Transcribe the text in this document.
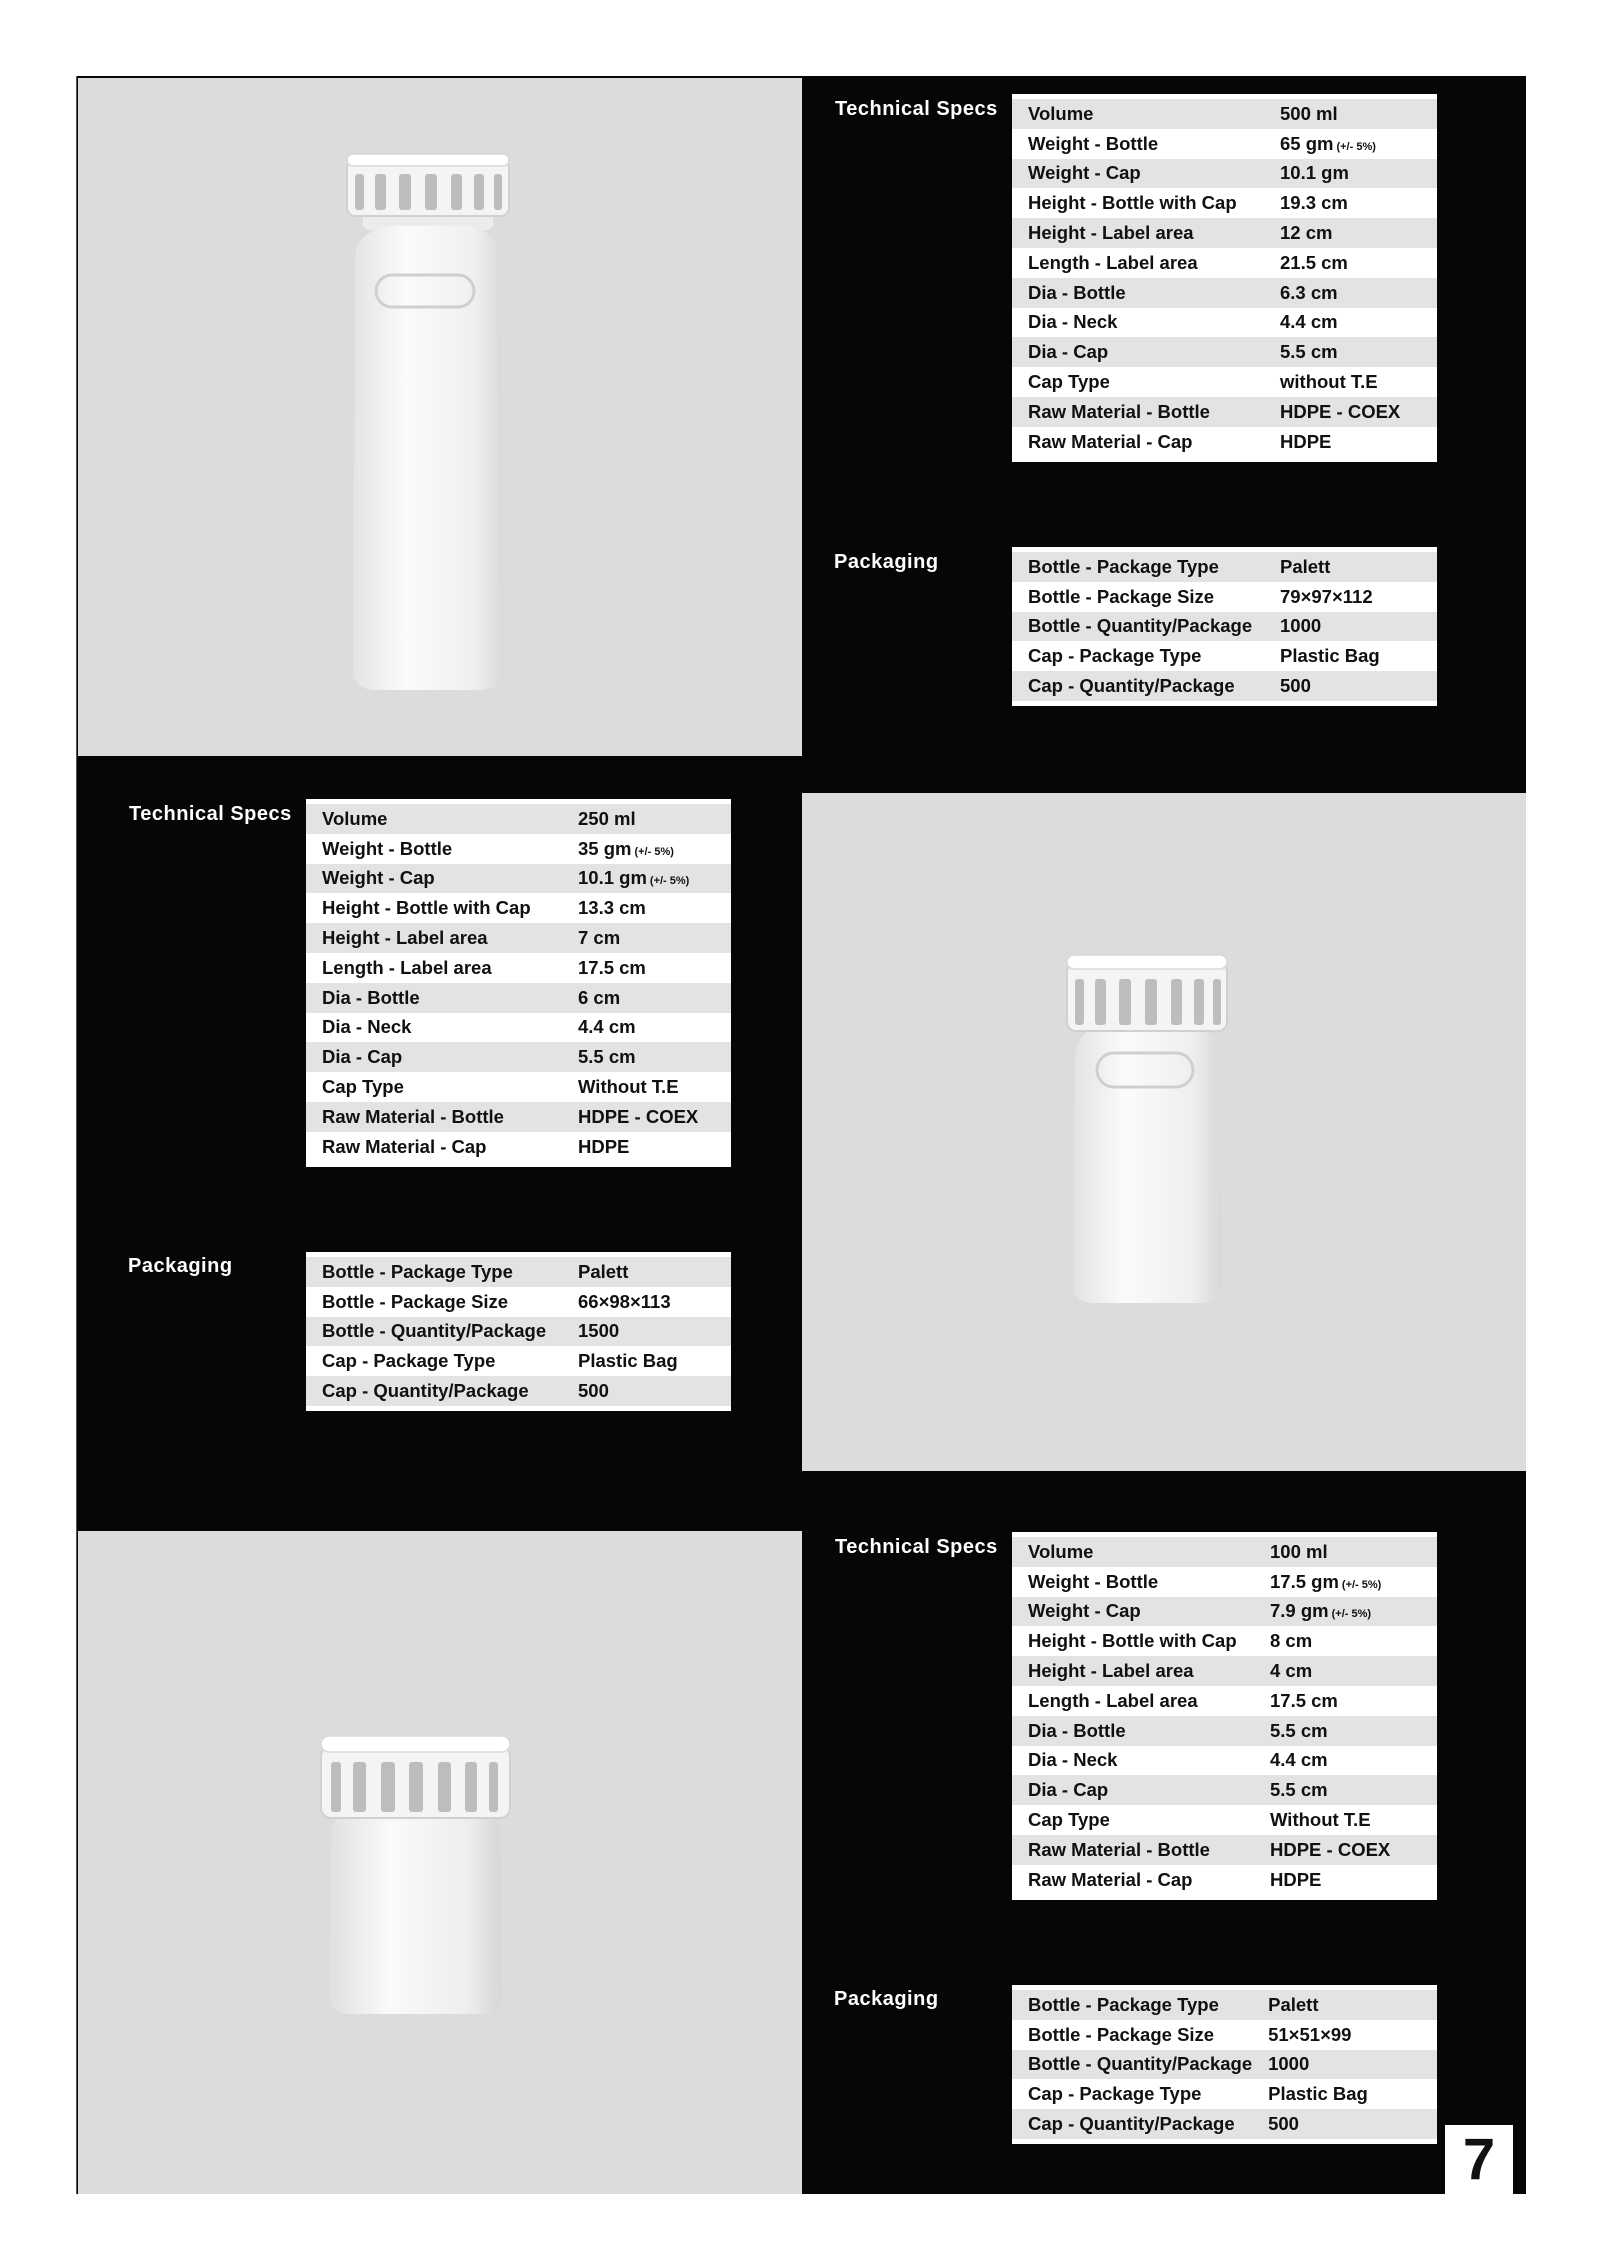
Technical Specs Volume	500 ml
Weight - Bottle	65 gm (+/- 5%)
Weight - Cap	10.1 gm
Height - Bottle with Cap	19.3 cm
Height - Label area	12 cm
Length - Label area	21.5 cm
Dia - Bottle	6.3 cm
Dia - Neck	4.4 cm
Dia - Cap	5.5 cm
Cap Type	without T.E
Raw Material - Bottle	HDPE - COEX
Raw Material - Cap	HDPE
Packaging	Bottle - Package Type	Palett
Bottle - Package Size	79×97×112
Bottle - Quantity/Package	1000
Cap - Package Type	Plastic Bag
Cap - Quantity/Package	500
Technical Specs Volume	250 ml
Weight - Bottle	35 gm (+/- 5%)
Weight - Cap	10.1 gm (+/- 5%)
Height - Bottle with Cap	13.3 cm
Height - Label area	7 cm
Length - Label area	17.5 cm
Dia - Bottle	6 cm
Dia - Neck	4.4 cm
Dia - Cap	5.5 cm
Cap Type	Without T.E
Raw Material - Bottle	HDPE - COEX
Raw Material - Cap	HDPE
Packaging	Bottle - Package Type	Palett
Bottle - Package Size	66×98×113
Bottle - Quantity/Package	1500
Cap - Package Type	Plastic Bag
Cap - Quantity/Package	500
Technical Specs Volume	100 ml
Weight - Bottle	17.5 gm (+/- 5%)
Weight - Cap	7.9 gm (+/- 5%)
Height - Bottle with Cap	8 cm
Height - Label area	4 cm
Length - Label area	17.5 cm
Dia - Bottle	5.5 cm
Dia - Neck	4.4 cm
Dia - Cap	5.5 cm
Cap Type	Without T.E
Raw Material - Bottle	HDPE - COEX
Raw Material - Cap	HDPE
Packaging	Bottle - Package Type	Palett
Bottle - Package Size	51×51×99
Bottle - Quantity/Package	1000
Cap - Package Type	Plastic Bag
Cap - Quantity/Package	500
7
